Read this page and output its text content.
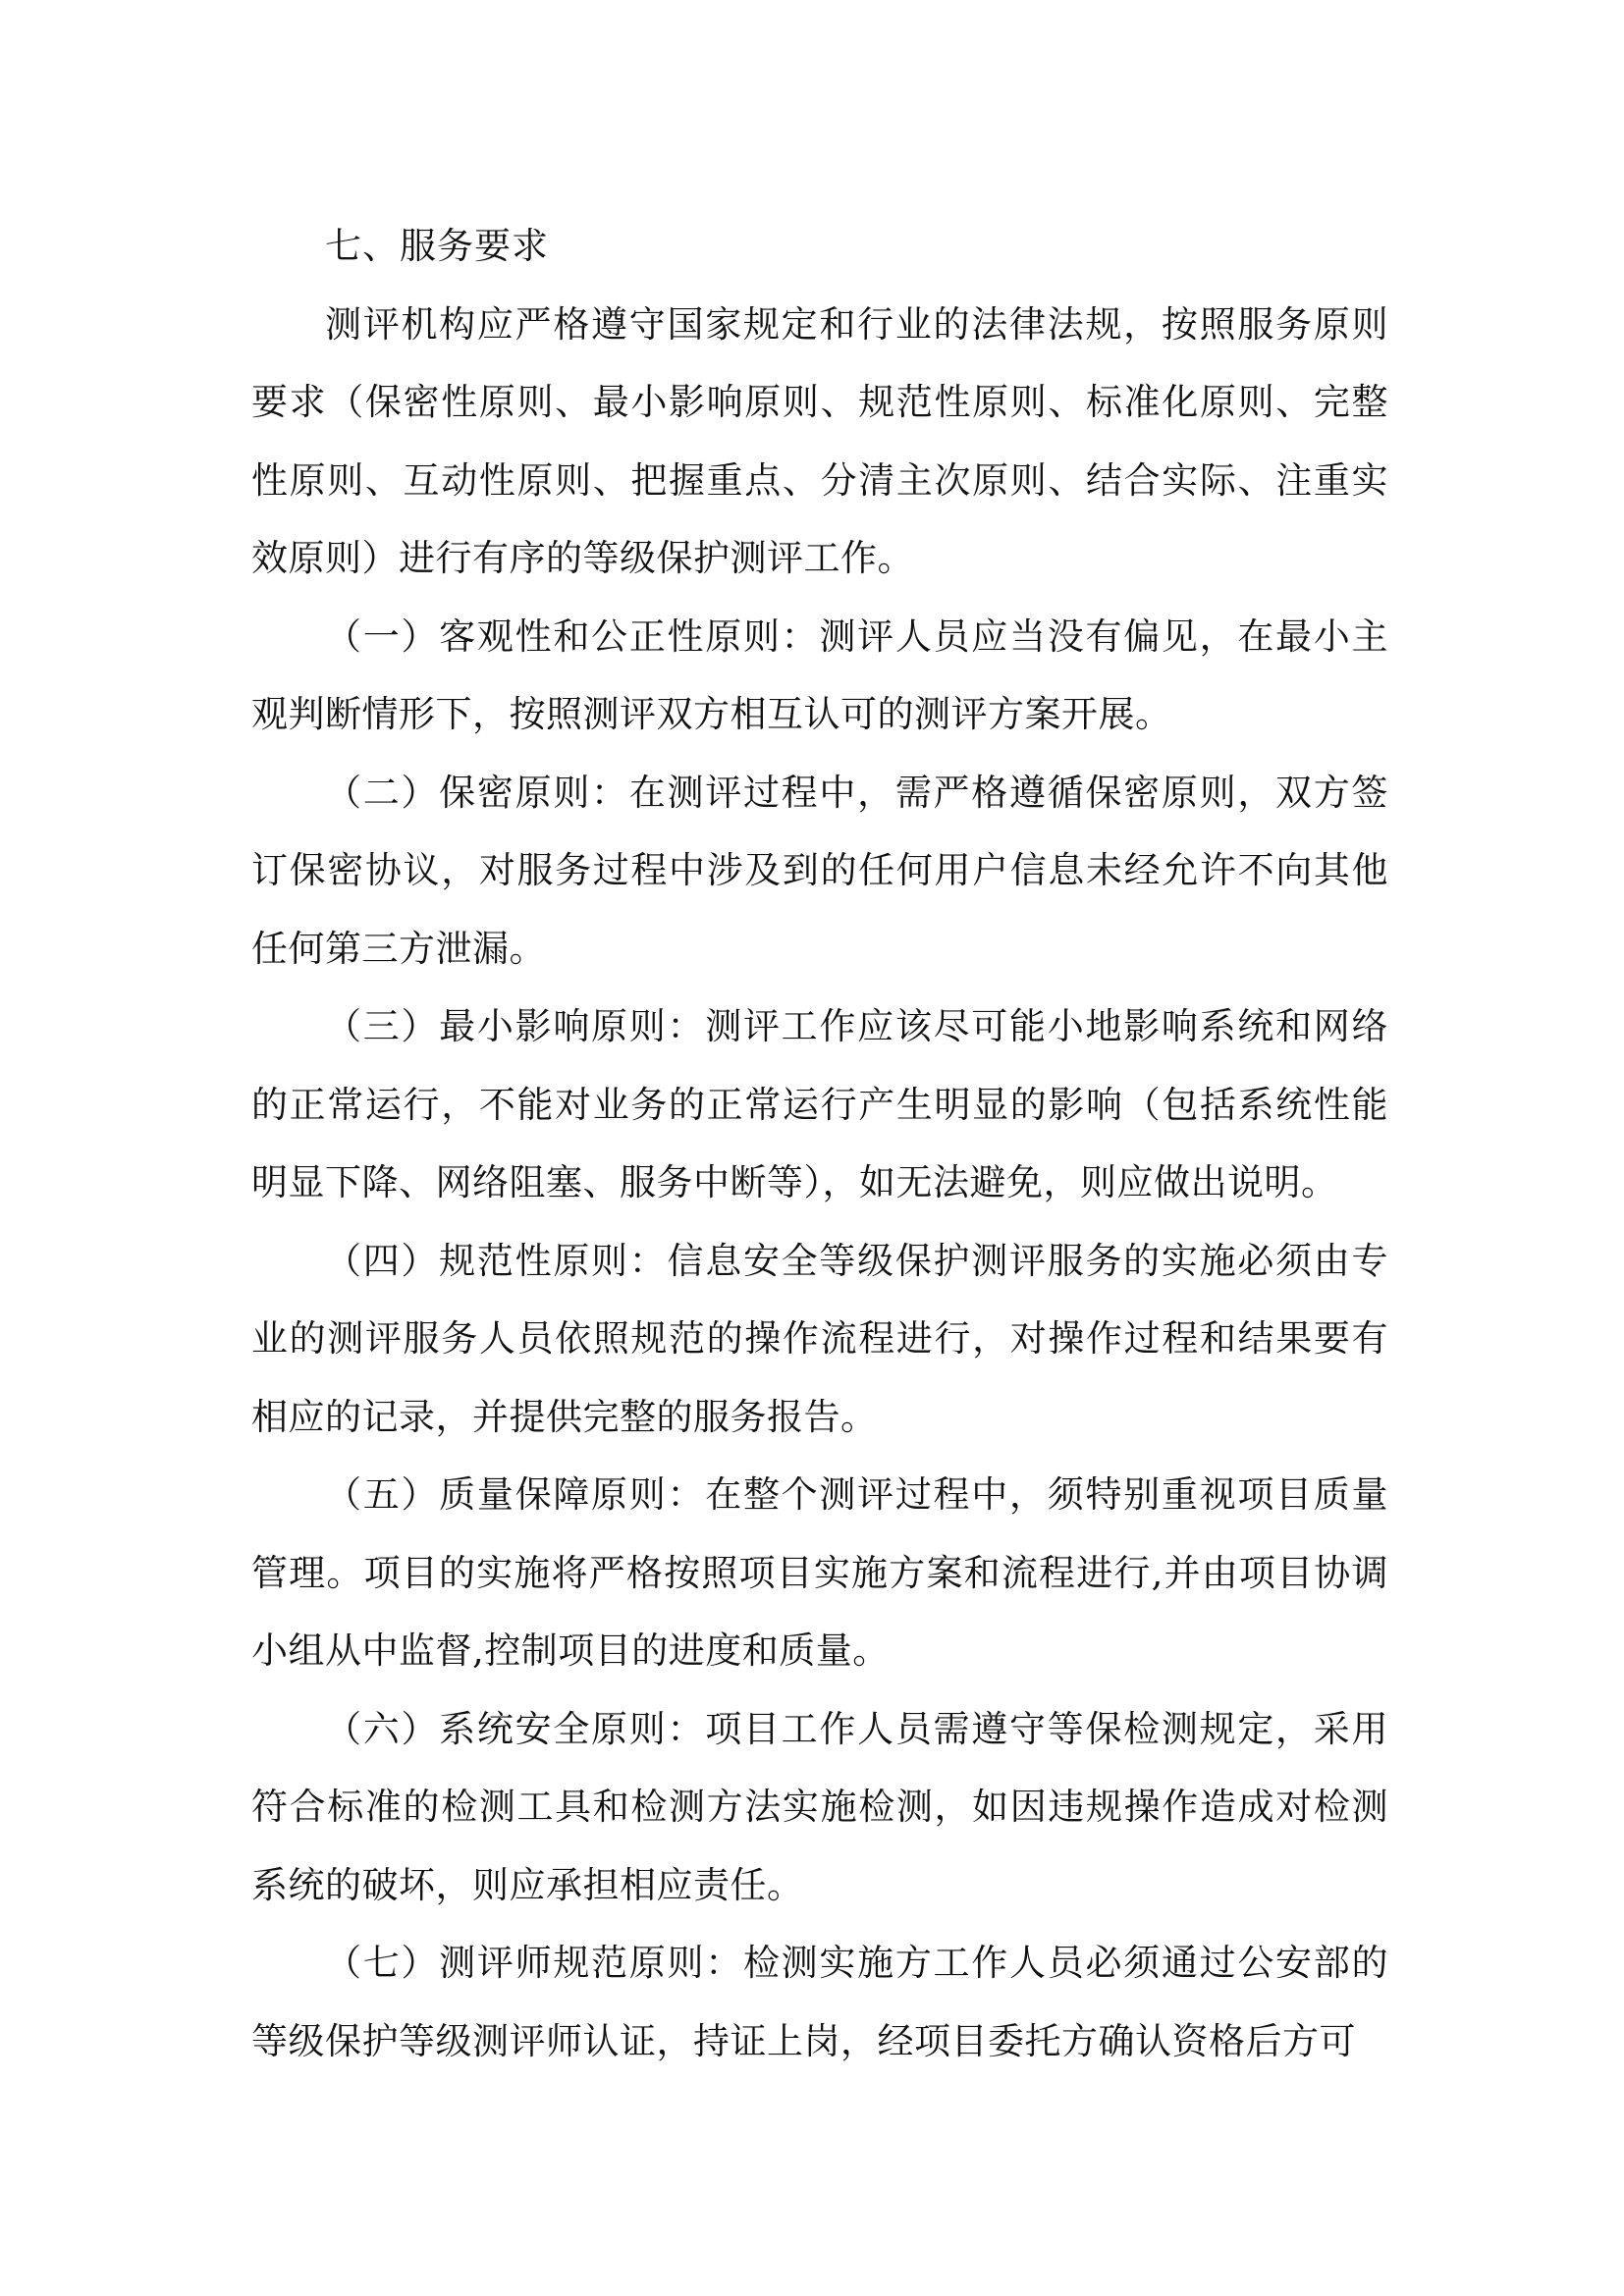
七、服务要求

测评机构应严格遵守国家规定和行业的法律法规，按照服务原则要求（保密性原则、最小影响原则、规范性原则、标准化原则、完整性原则、互动性原则、把握重点、分清主次原则、结合实际、注重实效原则）进行有序的等级保护测评工作。

（一）客观性和公正性原则：测评人员应当没有偏见，在最小主观判断情形下，按照测评双方相互认可的测评方案开展。

（二）保密原则：在测评过程中，需严格遵循保密原则，双方签订保密协议，对服务过程中涉及到的任何用户信息未经允许不向其他任何第三方泄漏。

（三）最小影响原则：测评工作应该尽可能小地影响系统和网络的正常运行，不能对业务的正常运行产生明显的影响（包括系统性能明显下降、网络阻塞、服务中断等），如无法避免，则应做出说明。

（四）规范性原则：信息安全等级保护测评服务的实施必须由专业的测评服务人员依照规范的操作流程进行，对操作过程和结果要有相应的记录，并提供完整的服务报告。

（五）质量保障原则：在整个测评过程中，须特别重视项目质量管理。项目的实施将严格按照项目实施方案和流程进行,并由项目协调小组从中监督,控制项目的进度和质量。

（六）系统安全原则：项目工作人员需遵守等保检测规定，采用符合标准的检测工具和检测方法实施检测，如因违规操作造成对检测系统的破坏，则应承担相应责任。

（七）测评师规范原则：检测实施方工作人员必须通过公安部的等级保护等级测评师认证，持证上岗，经项目委托方确认资格后方可
